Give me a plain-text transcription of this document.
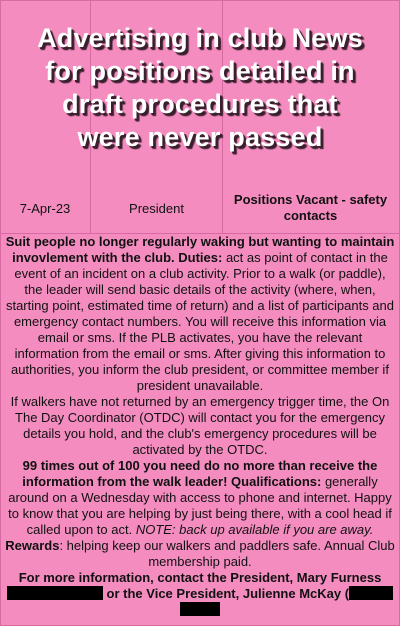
Advertising in club News
for positions detailed in
draft procedures that
were never passed
7-Apr-23	President
Positions Vacant - safety contacts

Suit people no longer regularly waking but wanting to maintain invovlement with the club. Duties: act as point of contact in the event of an incident on a club activity. Prior to a walk (or paddle), the leader will send basic details of the activity (where, when, starting point, estimated time of return) and a list of participants and emergency contact numbers. You will receive this information via email or sms. If the PLB activates, you have the relevant information from the email or sms. After giving this information to authorities, you inform the club president, or committee member if president unavailable.

If walkers have not returned by an emergency trigger time, the On The Day Coordinator (OTDC) will contact you for the emergency details you hold, and the club's emergency procedures will be activated by the OTDC.

99 times out of 100 you need do no more than receive the information from the walk leader! Qualifications: generally around on a Wednesday with access to phone and internet. Happy to know that you are helping by just being there, with a cool head if called upon to act. NOTE: back up available if you are away.

Rewards: helping keep our walkers and paddlers safe. Annual Club membership paid.

For more information, contact the President, Mary Furness
or the Vice President, Julienne McKay (
